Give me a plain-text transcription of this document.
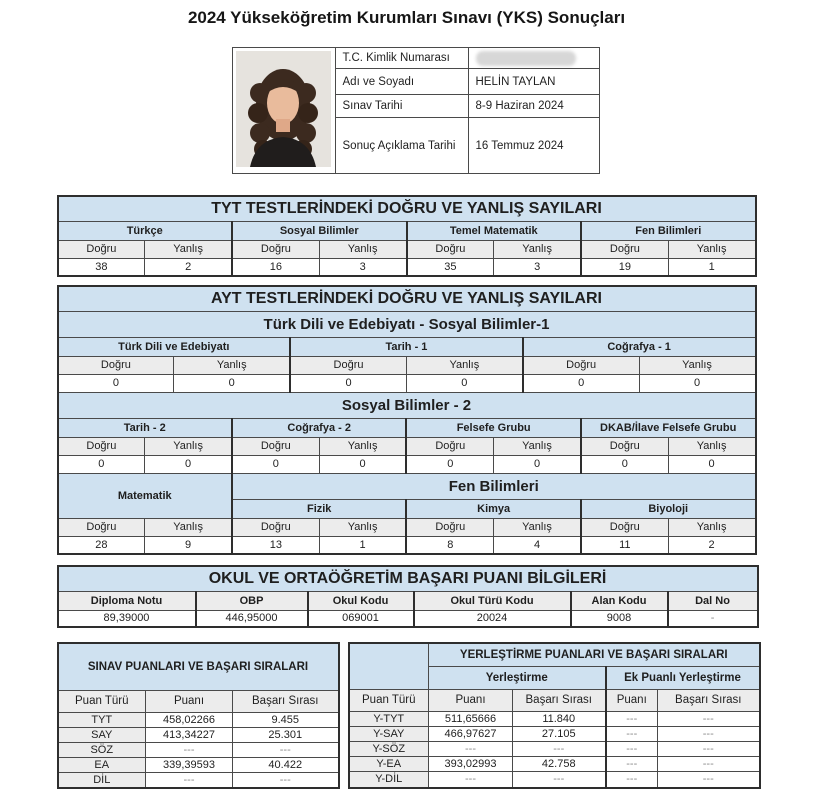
2024 Yükseköğretim Kurumları Sınavı (YKS) Sonuçları
	T.C. Kimlik Numarası	

	Adı ve Soyadı	HELİN TAYLAN
	Sınav Tarihi	8-9 Haziran 2024
	Sonuç Açıklama Tarihi	16 Temmuz 2024
TYT TESTLERİNDEKİ DOĞRU VE YANLIŞ SAYILARI							
Türkçe		Sosyal Bilimler		Temel Matematik		Fen Bilimleri	
Doğru	Yanlış	Doğru	Yanlış	Doğru	Yanlış	Doğru	Yanlış
38	2	16	3	35	3	19	1
AYT TESTLERİNDEKİ DOĞRU VE YANLIŞ SAYILARI											
Türk Dili ve Edebiyatı - Sosyal Bilimler-1											
Türk Dili ve Edebiyatı				Tarih - 1				Coğrafya - 1			
Doğru		Yanlış		Doğru		Yanlış		Doğru		Yanlış	
0		0		0		0		0		0	
Sosyal Bilimler - 2											
Tarih - 2			Coğrafya - 2			Felsefe Grubu			DKAB/İlave Felsefe Grubu		
Doğru	Yanlış		Doğru		Yanlış	Doğru	Yanlış		Doğru		Yanlış
0	0		0		0	0	0		0		0
Matematik			Fen Bilimleri								
			Fizik			Kimya			Biyoloji		
Doğru	Yanlış		Doğru		Yanlış	Doğru	Yanlış		Doğru		Yanlış
28	9		13		1	8	4		11		2
OKUL VE ORTAÖĞRETİM BAŞARI PUANI BİLGİLERİ					
Diploma Notu	OBP	Okul Kodu	Okul Türü Kodu	Alan Kodu	Dal No
89,39000	446,95000	069001	20024	9008	-
SINAV PUANLARI VE BAŞARI SIRALARI		
Puan Türü	Puanı	Başarı Sırası
TYT	458,02266	9.455
SAY	413,34227	25.301
SÖZ	---	---
EA	339,39593	40.422
DİL	---	---
	YERLEŞTİRME PUANLARI VE BAŞARI SIRALARI			
	Yerleştirme		Ek Puanlı Yerleştirme	
Puan Türü	Puanı	Başarı Sırası	Puanı	Başarı Sırası
Y-TYT	511,65666	11.840	---	---
Y-SAY	466,97627	27.105	---	---
Y-SÖZ	---	---	---	---
Y-EA	393,02993	42.758	---	---
Y-DİL	---	---	---	---
